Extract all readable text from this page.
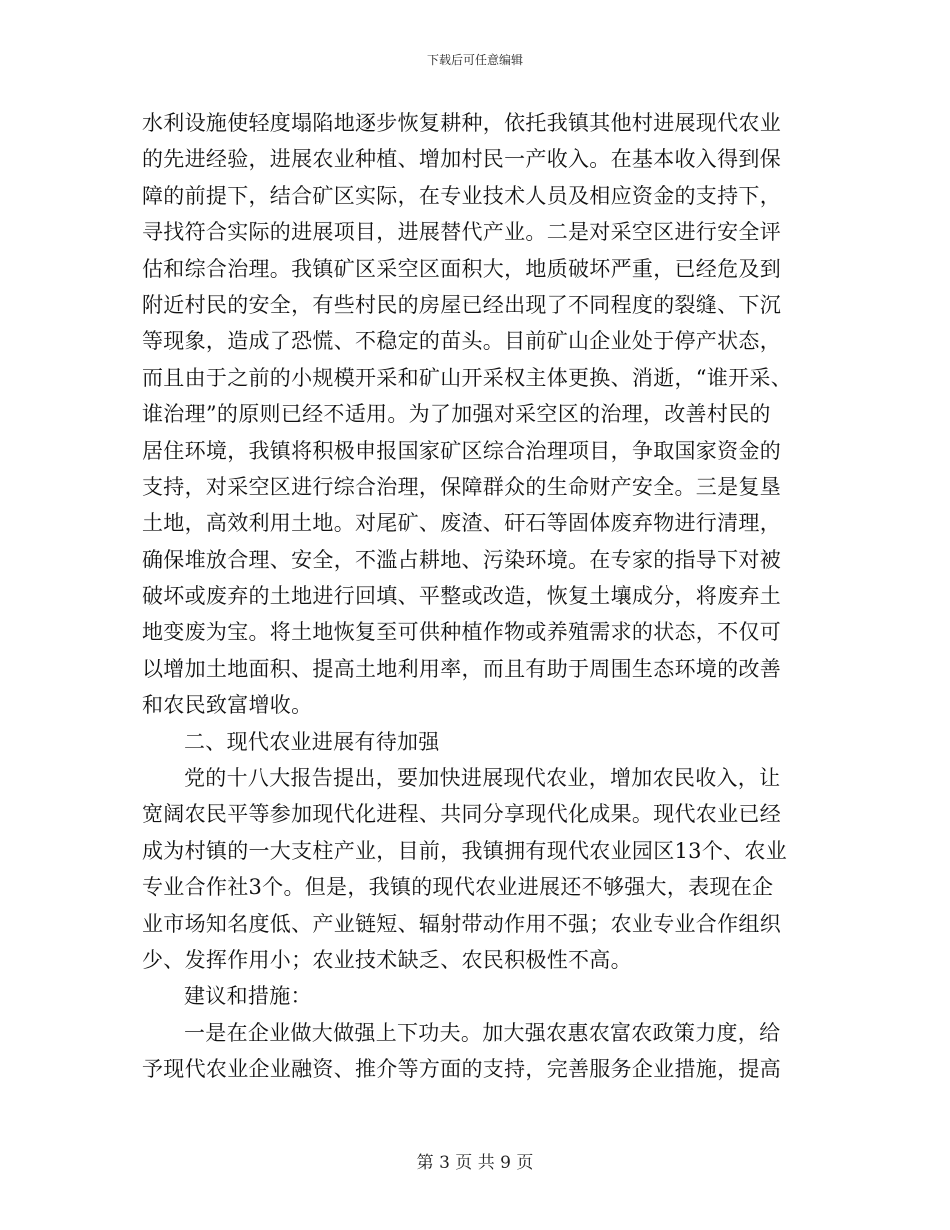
下载后可任意编辑
水利设施使轻度塌陷地逐步恢复耕种，依托我镇其他村进展现代农业
的先进经验，进展农业种植、增加村民一产收入。在基本收入得到保
障的前提下，结合矿区实际，在专业技术人员及相应资金的支持下，
寻找符合实际的进展项目，进展替代产业。二是对采空区进行安全评
估和综合治理。我镇矿区采空区面积大，地质破坏严重，已经危及到
附近村民的安全，有些村民的房屋已经出现了不同程度的裂缝、下沉
等现象，造成了恐慌、不稳定的苗头。目前矿山企业处于停产状态，
而且由于之前的小规模开采和矿山开采权主体更换、消逝，“谁开采、
谁治理”的原则已经不适用。为了加强对采空区的治理，改善村民的
居住环境，我镇将积极申报国家矿区综合治理项目，争取国家资金的
支持，对采空区进行综合治理，保障群众的生命财产安全。三是复垦
土地，高效利用土地。对尾矿、废渣、矸石等固体废弃物进行清理，
确保堆放合理、安全，不滥占耕地、污染环境。在专家的指导下对被
破坏或废弃的土地进行回填、平整或改造，恢复土壤成分，将废弃土
地变废为宝。将土地恢复至可供种植作物或养殖需求的状态，不仅可
以增加土地面积、提高土地利用率，而且有助于周围生态环境的改善
和农民致富增收。
二、现代农业进展有待加强
党的十八大报告提出，要加快进展现代农业，增加农民收入，让
宽阔农民平等参加现代化进程、共同分享现代化成果。现代农业已经
成为村镇的一大支柱产业，目前，我镇拥有现代农业园区13个、农业
专业合作社3个。但是，我镇的现代农业进展还不够强大，表现在企
业市场知名度低、产业链短、辐射带动作用不强；农业专业合作组织
少、发挥作用小；农业技术缺乏、农民积极性不高。
建议和措施：
一是在企业做大做强上下功夫。加大强农惠农富农政策力度，给
予现代农业企业融资、推介等方面的支持，完善服务企业措施，提高
第 3 页 共 9 页
